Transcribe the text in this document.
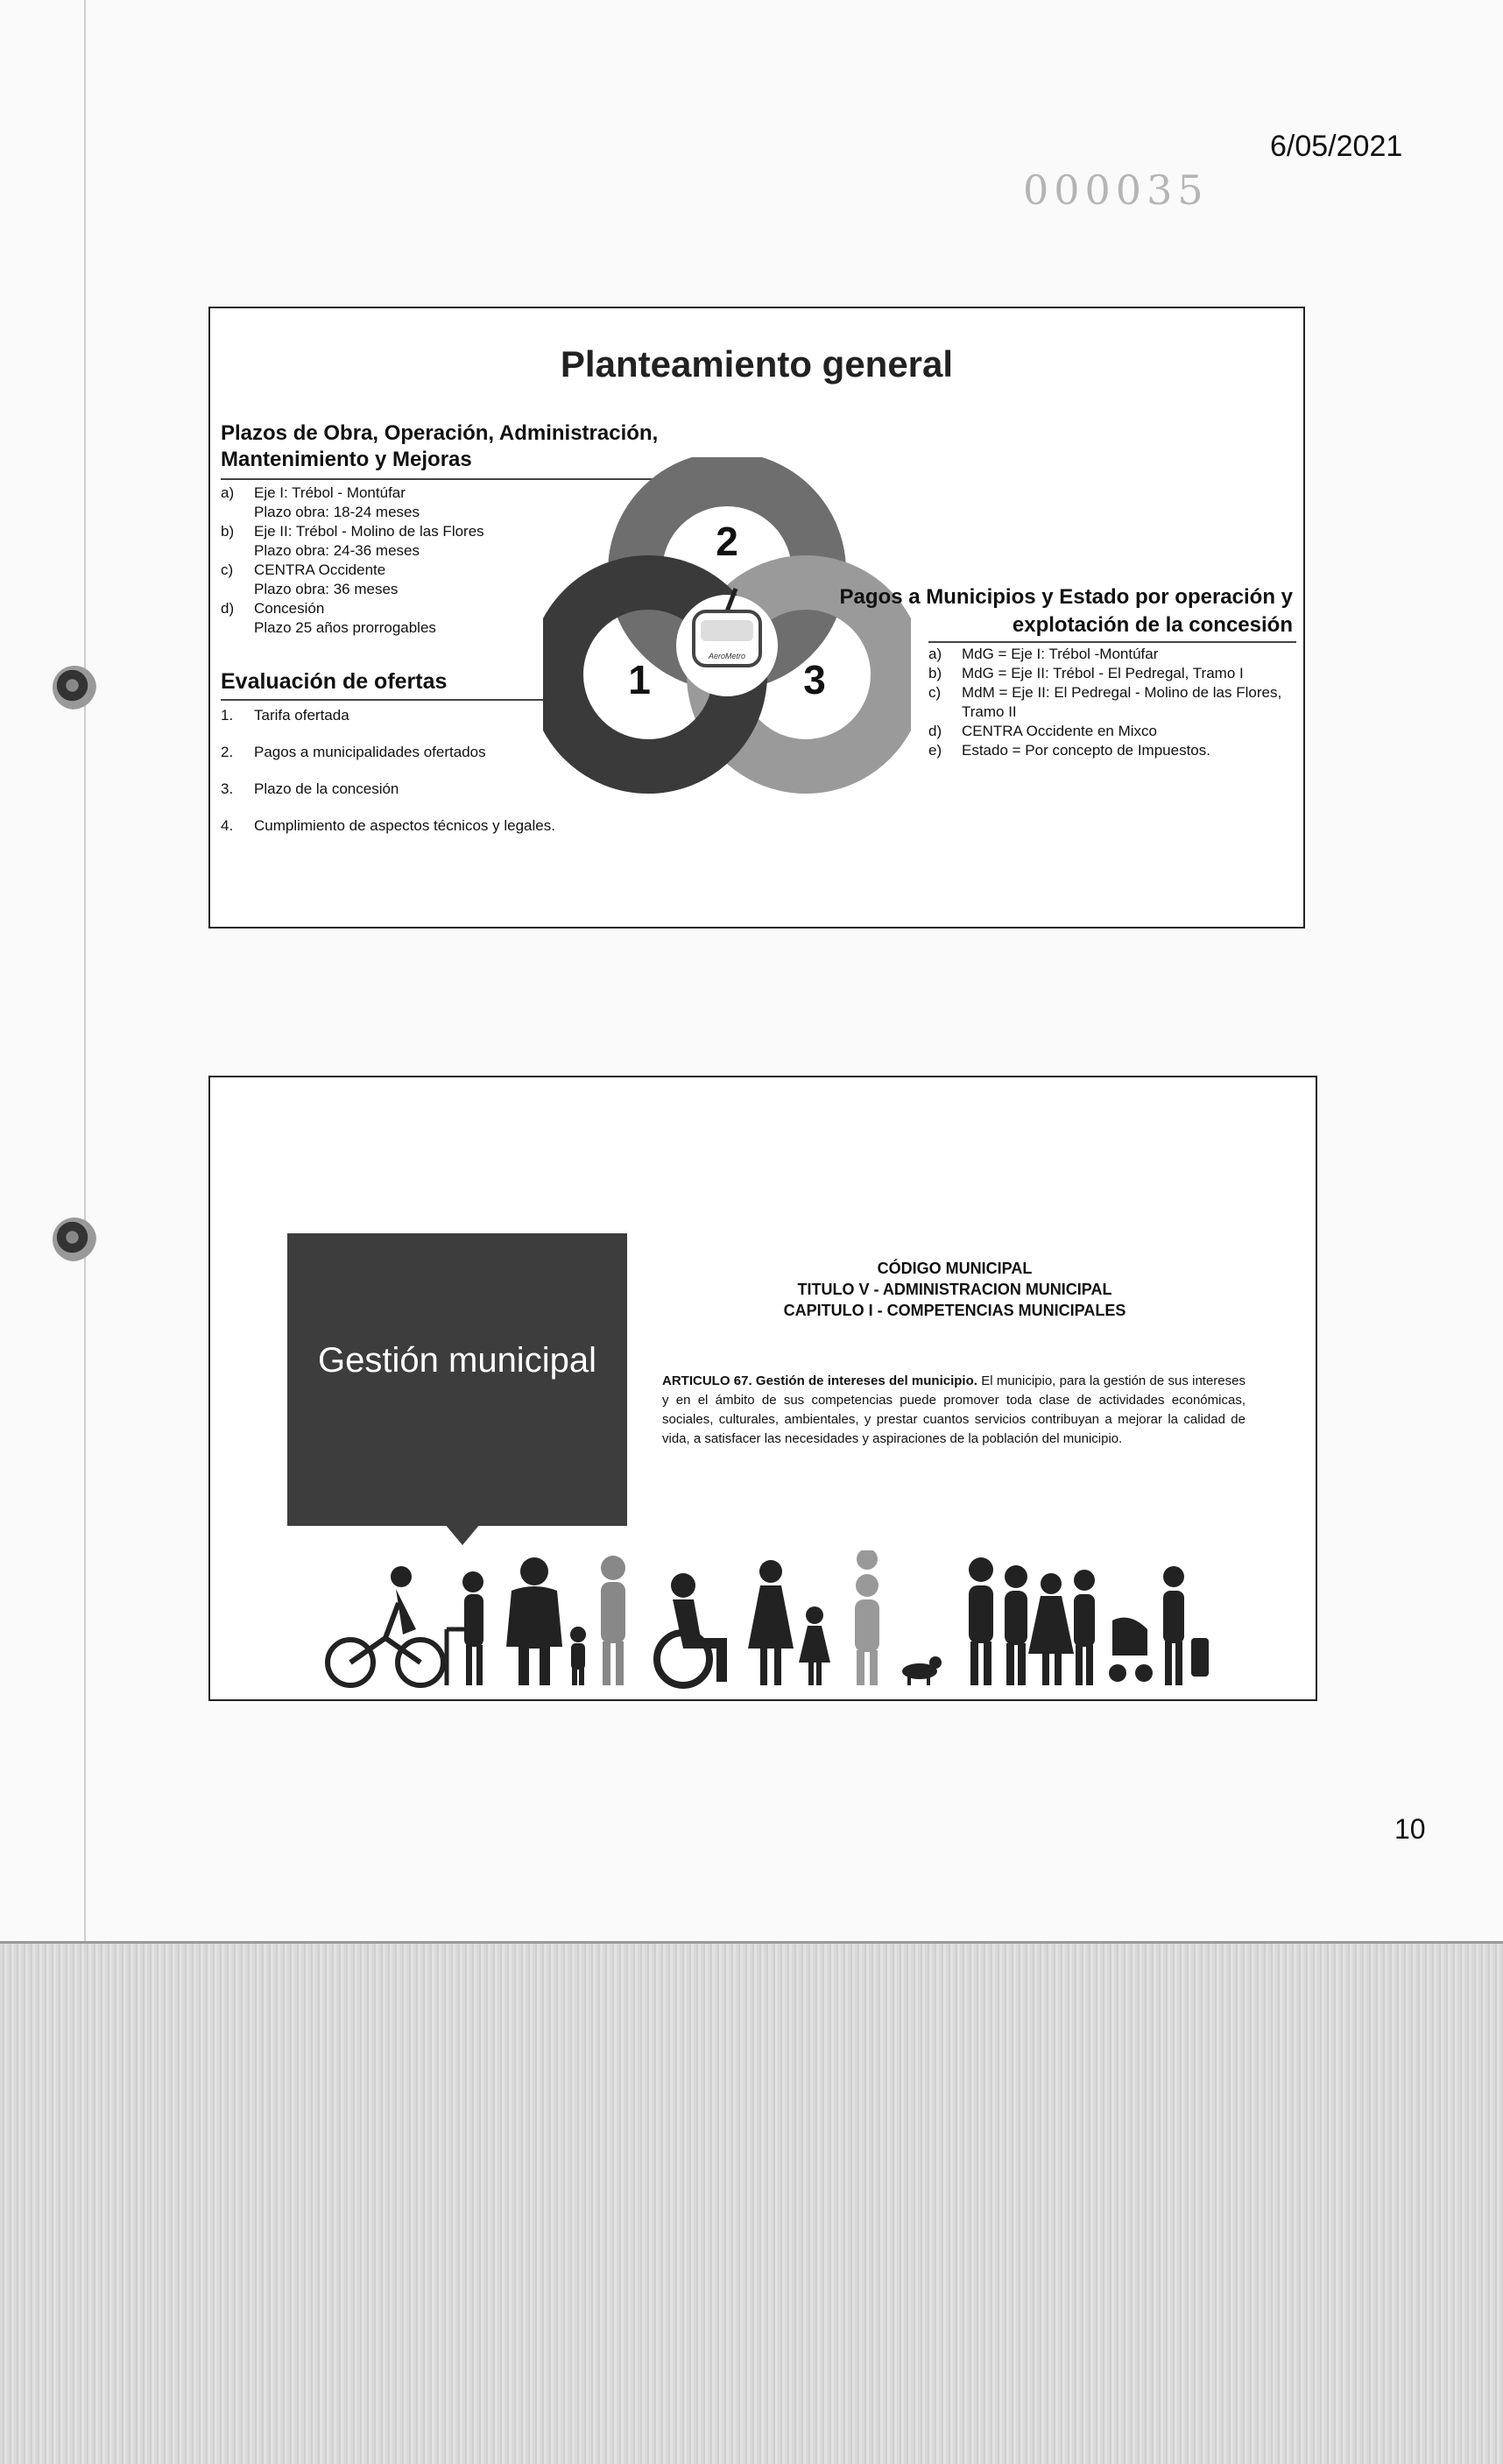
6/05/2021
000035
Planteamiento general
Plazos de Obra, Operación, Administración, Mantenimiento y Mejoras
a) Eje I: Trébol - Montúfar
Plazo obra: 18-24 meses
b) Eje II: Trébol - Molino de las Flores
Plazo obra: 24-36 meses
c) CENTRA Occidente
Plazo obra: 36 meses
d) Concesión
Plazo 25 años prorrogables
Evaluación de ofertas
1. Tarifa ofertada
2. Pagos a municipalidades ofertados
3. Plazo de la concesión
4. Cumplimiento de aspectos técnicos y legales.
AeroMetro
2
1	3
Pagos a Municipios y Estado por operación y explotación de la concesión
a) MdG = Eje I: Trébol -Montúfar
b) MdG = Eje II: Trébol - El Pedregal, Tramo I
c) MdM = Eje II: El Pedregal - Molino de las Flores, Tramo II
d) CENTRA Occidente en Mixco
e) Estado = Por concepto de Impuestos.
Gestión municipal
CÓDIGO MUNICIPAL
TITULO V - ADMINISTRACION MUNICIPAL
CAPITULO I - COMPETENCIAS MUNICIPALES
ARTICULO 67. Gestión de intereses del municipio. El municipio, para la gestión de sus intereses y en el ámbito de sus competencias puede promover toda clase de actividades económicas, sociales, culturales, ambientales, y prestar cuantos servicios contribuyan a mejorar la calidad de vida, a satisfacer las necesidades y aspiraciones de la población del municipio.
10
